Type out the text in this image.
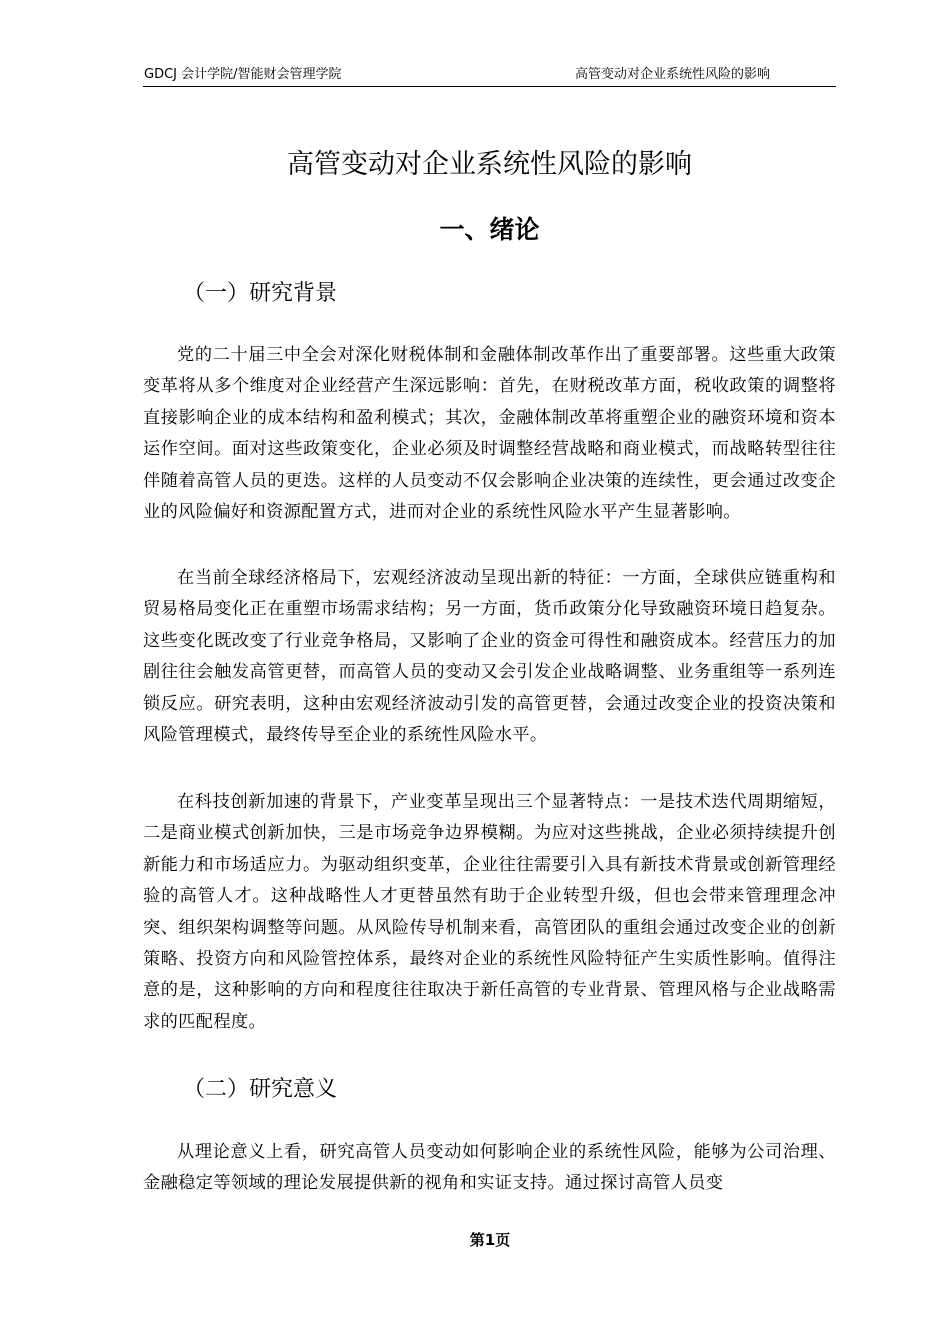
GDCJ 会计学院/智能财会管理学院	高管变动对企业系统性风险的影响
高管变动对企业系统性风险的影响
一、绪论
（一）研究背景

党的二十届三中全会对深化财税体制和金融体制改革作出了重要部署。这些重大政策变革将从多个维度对企业经营产生深远影响：首先，在财税改革方面，税收政策的调整将直接影响企业的成本结构和盈利模式；其次，金融体制改革将重塑企业的融资环境和资本运作空间。面对这些政策变化，企业必须及时调整经营战略和商业模式，而战略转型往往伴随着高管人员的更迭。这样的人员变动不仅会影响企业决策的连续性，更会通过改变企业的风险偏好和资源配置方式，进而对企业的系统性风险水平产生显著影响。

在当前全球经济格局下，宏观经济波动呈现出新的特征：一方面，全球供应链重构和贸易格局变化正在重塑市场需求结构；另一方面，货币政策分化导致融资环境日趋复杂。这些变化既改变了行业竞争格局，又影响了企业的资金可得性和融资成本。经营压力的加剧往往会触发高管更替，而高管人员的变动又会引发企业战略调整、业务重组等一系列连锁反应。研究表明，这种由宏观经济波动引发的高管更替，会通过改变企业的投资决策和风险管理模式，最终传导至企业的系统性风险水平。

在科技创新加速的背景下，产业变革呈现出三个显著特点：一是技术迭代周期缩短，二是商业模式创新加快，三是市场竞争边界模糊。为应对这些挑战，企业必须持续提升创新能力和市场适应力。为驱动组织变革，企业往往需要引入具有新技术背景或创新管理经验的高管人才。这种战略性人才更替虽然有助于企业转型升级，但也会带来管理理念冲突、组织架构调整等问题。从风险传导机制来看，高管团队的重组会通过改变企业的创新策略、投资方向和风险管控体系，最终对企业的系统性风险特征产生实质性影响。值得注意的是，这种影响的方向和程度往往取决于新任高管的专业背景、管理风格与企业战略需求的匹配程度。

（二）研究意义

从理论意义上看，研究高管人员变动如何影响企业的系统性风险，能够为公司治理、金融稳定等领域的理论发展提供新的视角和实证支持。通过探讨高管人员变

第1页
